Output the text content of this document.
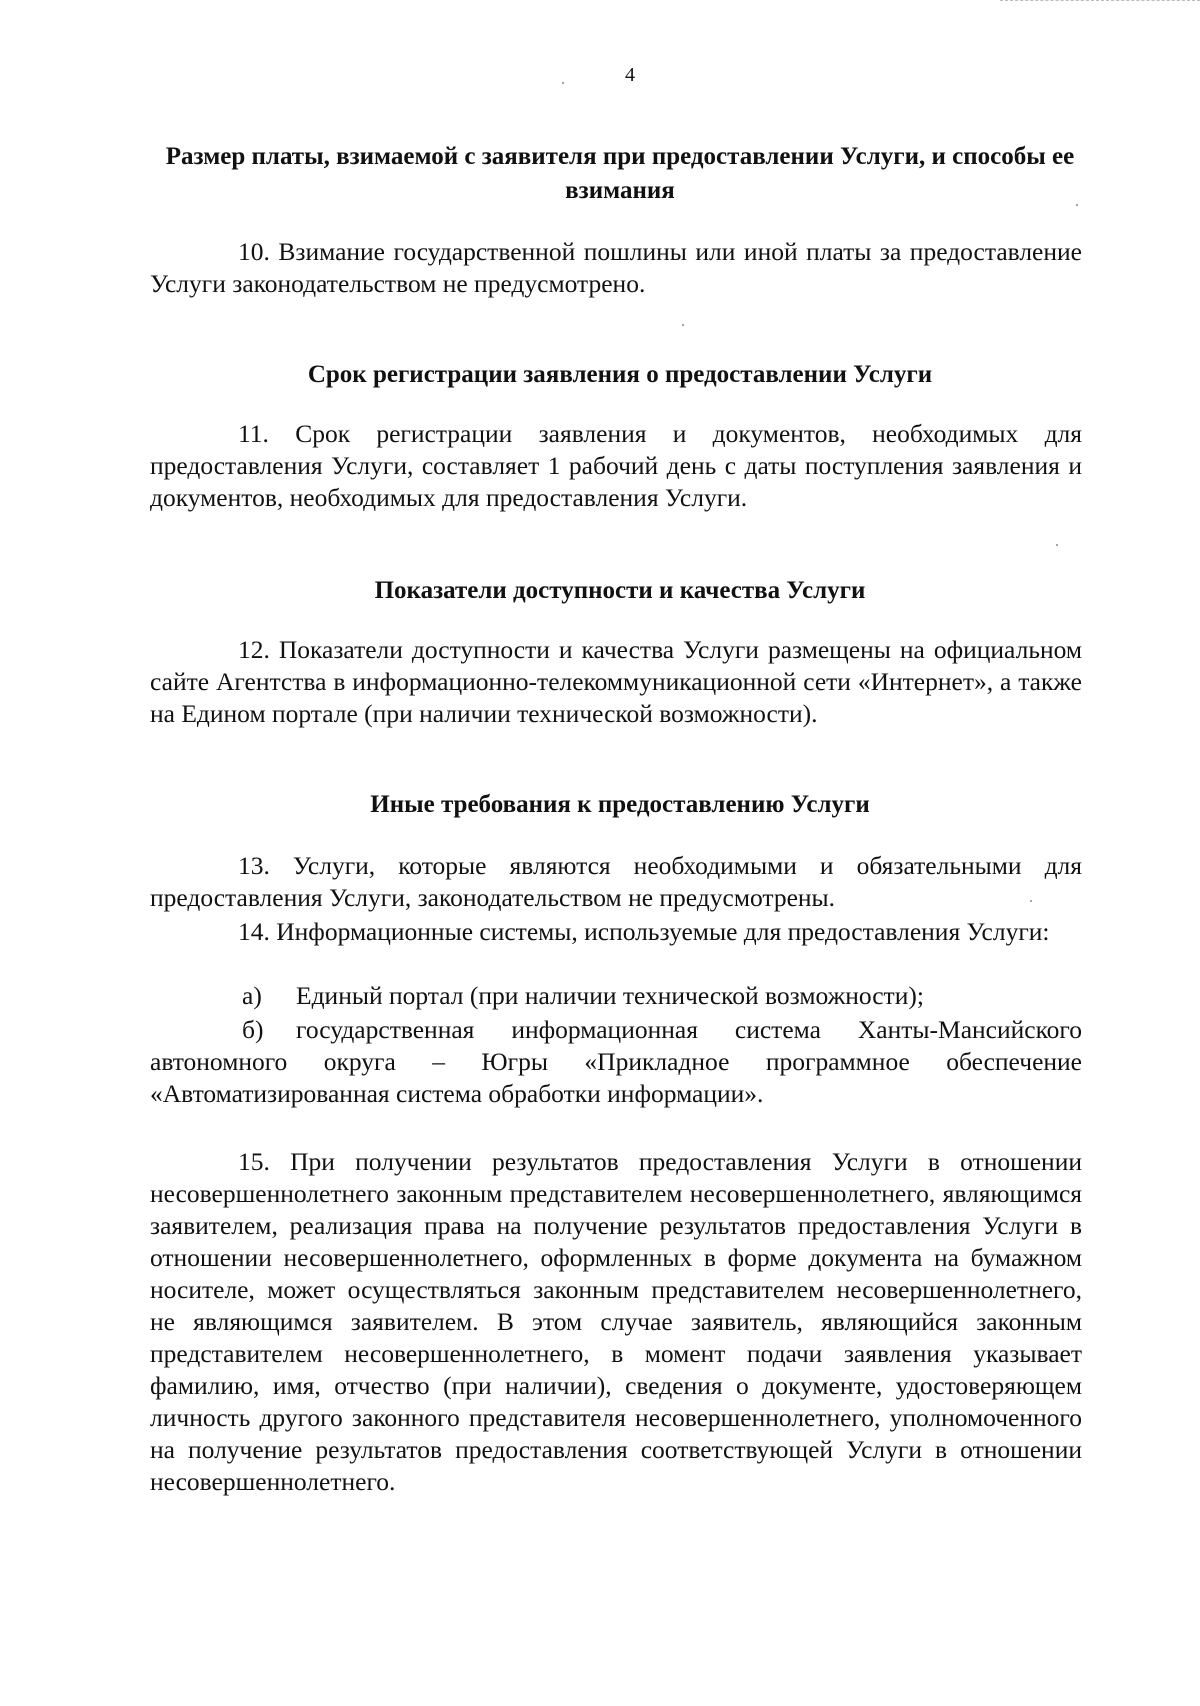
4
Размер платы, взимаемой с заявителя при предоставлении Услуги, и способы ее взимания
10. Взимание государственной пошлины или иной платы за предоставление Услуги законодательством не предусмотрено.
Срок регистрации заявления о предоставлении Услуги
11. Срок регистрации заявления и документов, необходимых для предоставления Услуги, составляет 1 рабочий день с даты поступления заявления и документов, необходимых для предоставления Услуги.
Показатели доступности и качества Услуги
12. Показатели доступности и качества Услуги размещены на официальном сайте Агентства в информационно-телекоммуникационной сети «Интернет», а также на Едином портале (при наличии технической возможности).
Иные требования к предоставлению Услуги
13. Услуги, которые являются необходимыми и обязательными для предоставления Услуги, законодательством не предусмотрены.
14. Информационные системы, используемые для предоставления Услуги:
а) Единый портал (при наличии технической возможности);
б) государственная информационная система Ханты-Мансийского автономного округа – Югры «Прикладное программное обеспечение «Автоматизированная система обработки информации».
15. При получении результатов предоставления Услуги в отношении несовершеннолетнего законным представителем несовершеннолетнего, являющимся заявителем, реализация права на получение результатов предоставления Услуги в отношении несовершеннолетнего, оформленных в форме документа на бумажном носителе, может осуществляться законным представителем несовершеннолетнего, не являющимся заявителем. В этом случае заявитель, являющийся законным представителем несовершеннолетнего, в момент подачи заявления указывает фамилию, имя, отчество (при наличии), сведения о документе, удостоверяющем личность другого законного представителя несовершеннолетнего, уполномоченного на получение результатов предоставления соответствующей Услуги в отношении несовершеннолетнего.
